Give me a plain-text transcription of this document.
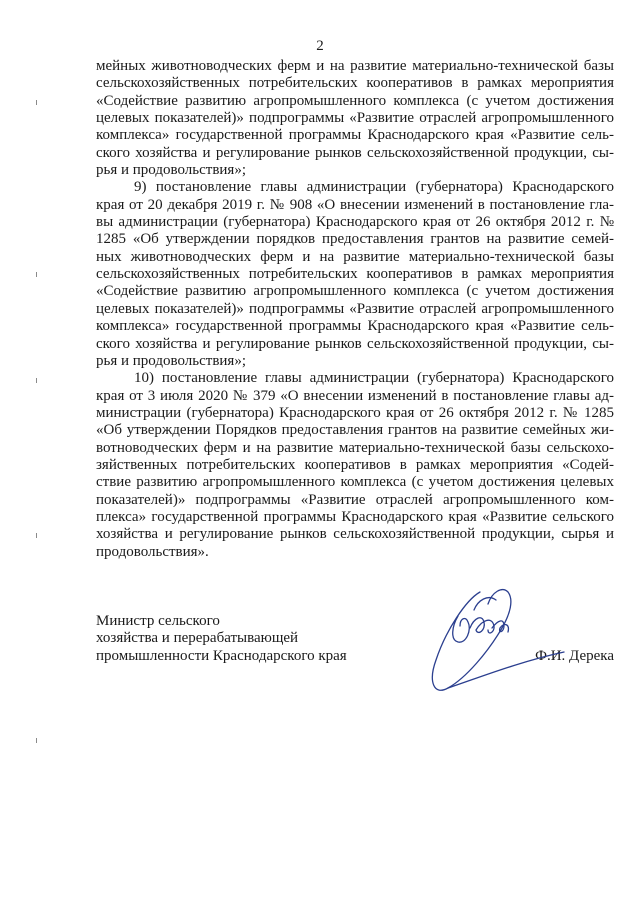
2

мейных животноводческих ферм и на развитие материально-технической базы сельскохозяйственных потребительских кооперативов в рамках мероприятия «Содействие развитию агропромышленного комплекса (с учетом достижения целевых показателей)» подпрограммы «Развитие отраслей агропромышленного комплекса» государственной программы Краснодарского края «Развитие сель- ского хозяйства и регулирование рынков сельскохозяйственной продукции, сы- рья и продовольствия»;

9) постановление главы администрации (губернатора) Краснодарского края от 20 декабря 2019 г. № 908 «О внесении изменений в постановление гла- вы администрации (губернатора) Краснодарского края от 26 октября 2012 г. № 1285 «Об утверждении порядков предоставления грантов на развитие семей- ных животноводческих ферм и на развитие материально-технической базы сельскохозяйственных потребительских кооперативов в рамках мероприятия «Содействие развитию агропромышленного комплекса (с учетом достижения целевых показателей)» подпрограммы «Развитие отраслей агропромышленного комплекса» государственной программы Краснодарского края «Развитие сель- ского хозяйства и регулирование рынков сельскохозяйственной продукции, сы- рья и продовольствия»;

10) постановление главы администрации (губернатора) Краснодарского края от 3 июля 2020 № 379 «О внесении изменений в постановление главы ад- министрации (губернатора) Краснодарского края от 26 октября 2012 г. № 1285 «Об утверждении Порядков предоставления грантов на развитие семейных жи- вотноводческих ферм и на развитие материально-технической базы сельскохо- зяйственных потребительских кооперативов в рамках мероприятия «Содей- ствие развитию агропромышленного комплекса (с учетом достижения целевых показателей)» подпрограммы «Развитие отраслей агропромышленного ком- плекса» государственной программы Краснодарского края «Развитие сельского хозяйства и регулирование рынков сельскохозяйственной продукции, сырья и продовольствия».

Министр сельского
хозяйства и перерабатывающей
промышленности Краснодарского края	Ф.И. Дерека
